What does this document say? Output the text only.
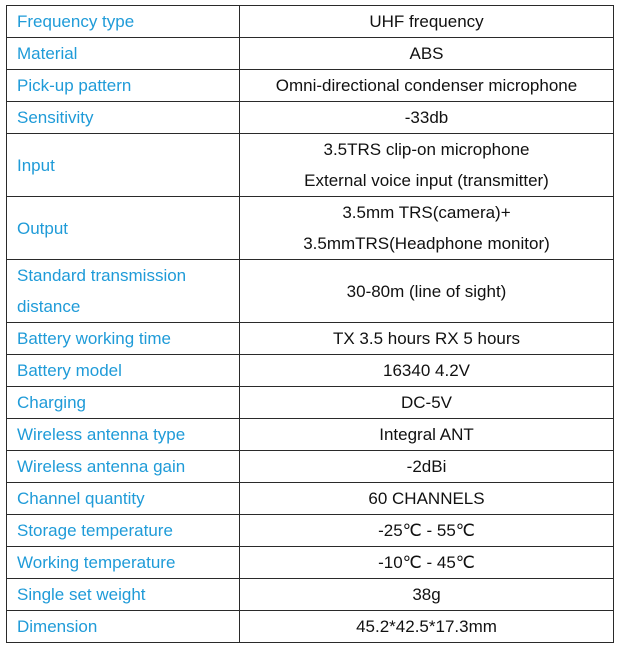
Frequency type	UHF frequency

Material	ABS

Pick-up pattern	Omni-directional condenser microphone

Sensitivity	-33db

Input	3.5TRS clip-on microphone
External voice input (transmitter)

Output	3.5mm TRS(camera)+
3.5mmTRS(Headphone monitor)

Standard transmission
distance	30-80m (line of sight)

Battery working time	TX 3.5 hours RX 5 hours

Battery model	16340 4.2V

Charging	DC-5V

Wireless antenna type	Integral ANT

Wireless antenna gain	-2dBi

Channel quantity	60 CHANNELS

Storage temperature	-25℃ - 55℃

Working temperature	-10℃ - 45℃

Single set weight	38g

Dimension	45.2*42.5*17.3mm
